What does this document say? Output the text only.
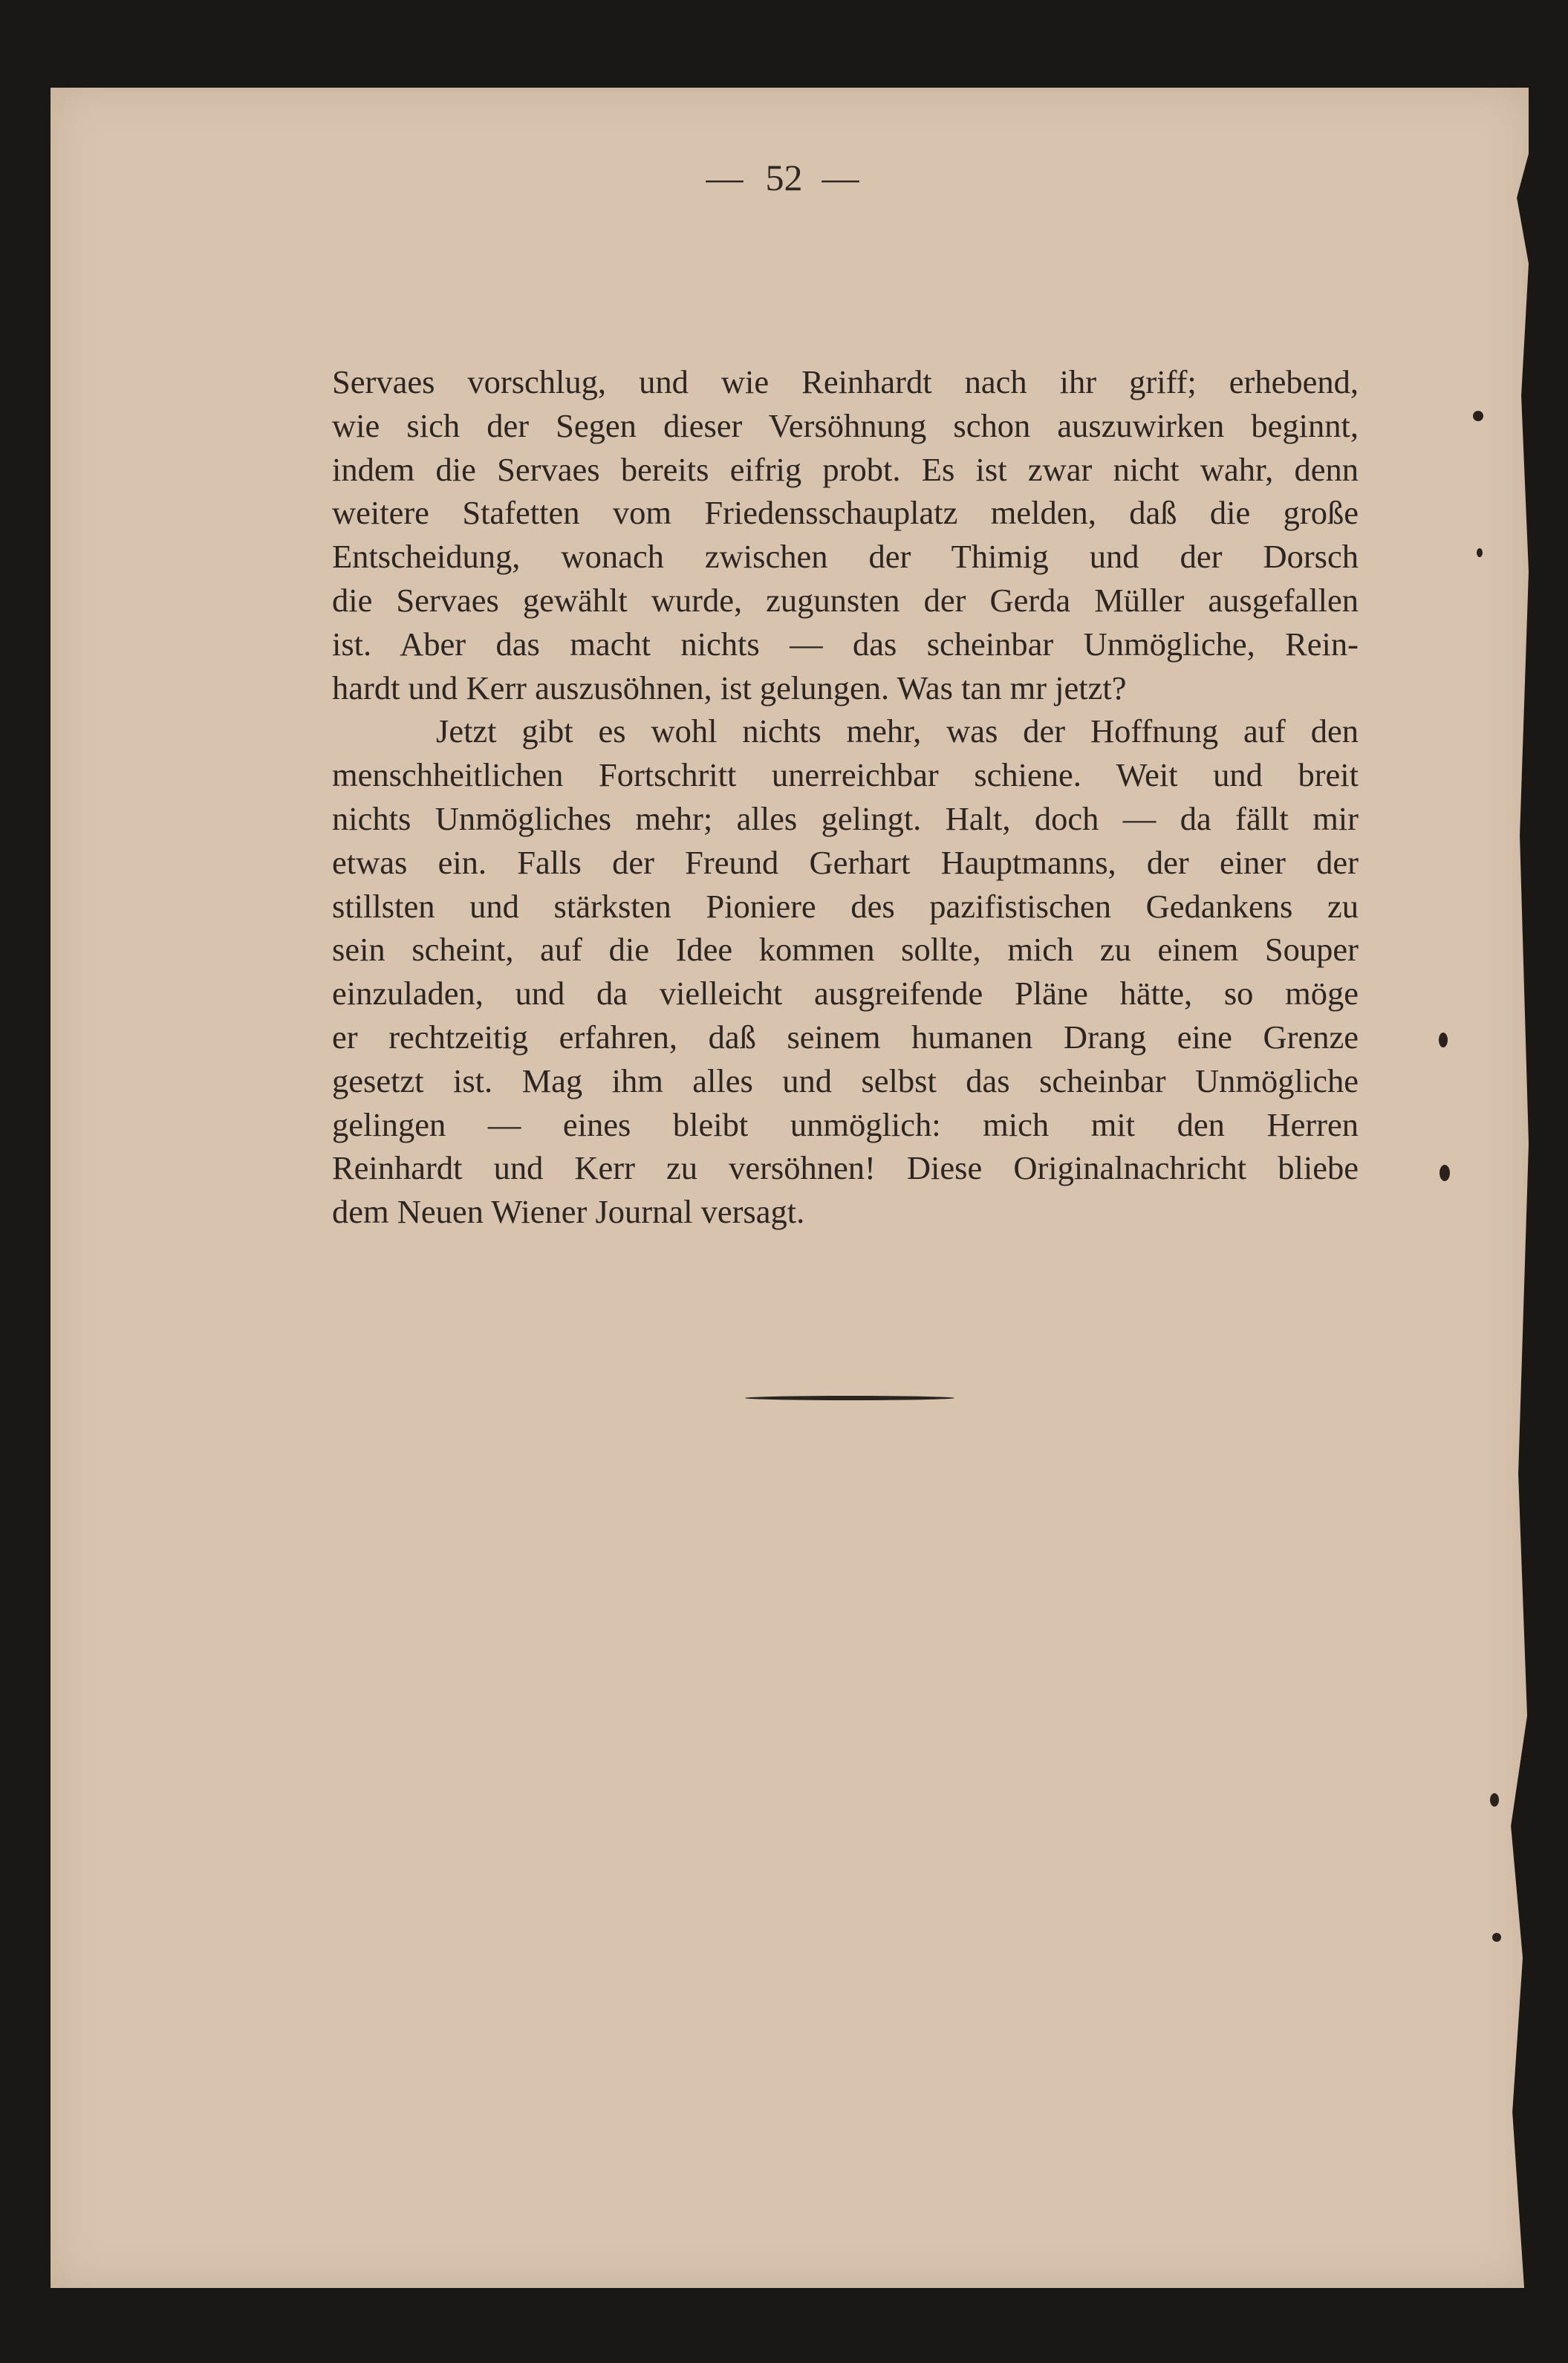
— 52 —
Servaes vorschlug, und wie Reinhardt nach ihr griff; erhebend,
wie sich der Segen dieser Versöhnung schon auszuwirken beginnt,
indem die Servaes bereits eifrig probt. Es ist zwar nicht wahr, denn
weitere Stafetten vom Friedensschauplatz melden, daß die große
Entscheidung, wonach zwischen der Thimig und der Dorsch
die Servaes gewählt wurde, zugunsten der Gerda Müller ausgefallen
ist. Aber das macht nichts — das scheinbar Unmögliche, Rein-
hardt und Kerr auszusöhnen, ist gelungen. Was tan mr jetzt?
Jetzt gibt es wohl nichts mehr, was der Hoffnung auf den
menschheitlichen Fortschritt unerreichbar schiene. Weit und breit
nichts Unmögliches mehr; alles gelingt. Halt, doch — da fällt mir
etwas ein. Falls der Freund Gerhart Hauptmanns, der einer der
stillsten und stärksten Pioniere des pazifistischen Gedankens zu
sein scheint, auf die Idee kommen sollte, mich zu einem Souper
einzuladen, und da vielleicht ausgreifende Pläne hätte, so möge
er rechtzeitig erfahren, daß seinem humanen Drang eine Grenze
gesetzt ist. Mag ihm alles und selbst das scheinbar Unmögliche
gelingen — eines bleibt unmöglich: mich mit den Herren
Reinhardt und Kerr zu versöhnen! Diese Originalnachricht bliebe
dem Neuen Wiener Journal versagt.
